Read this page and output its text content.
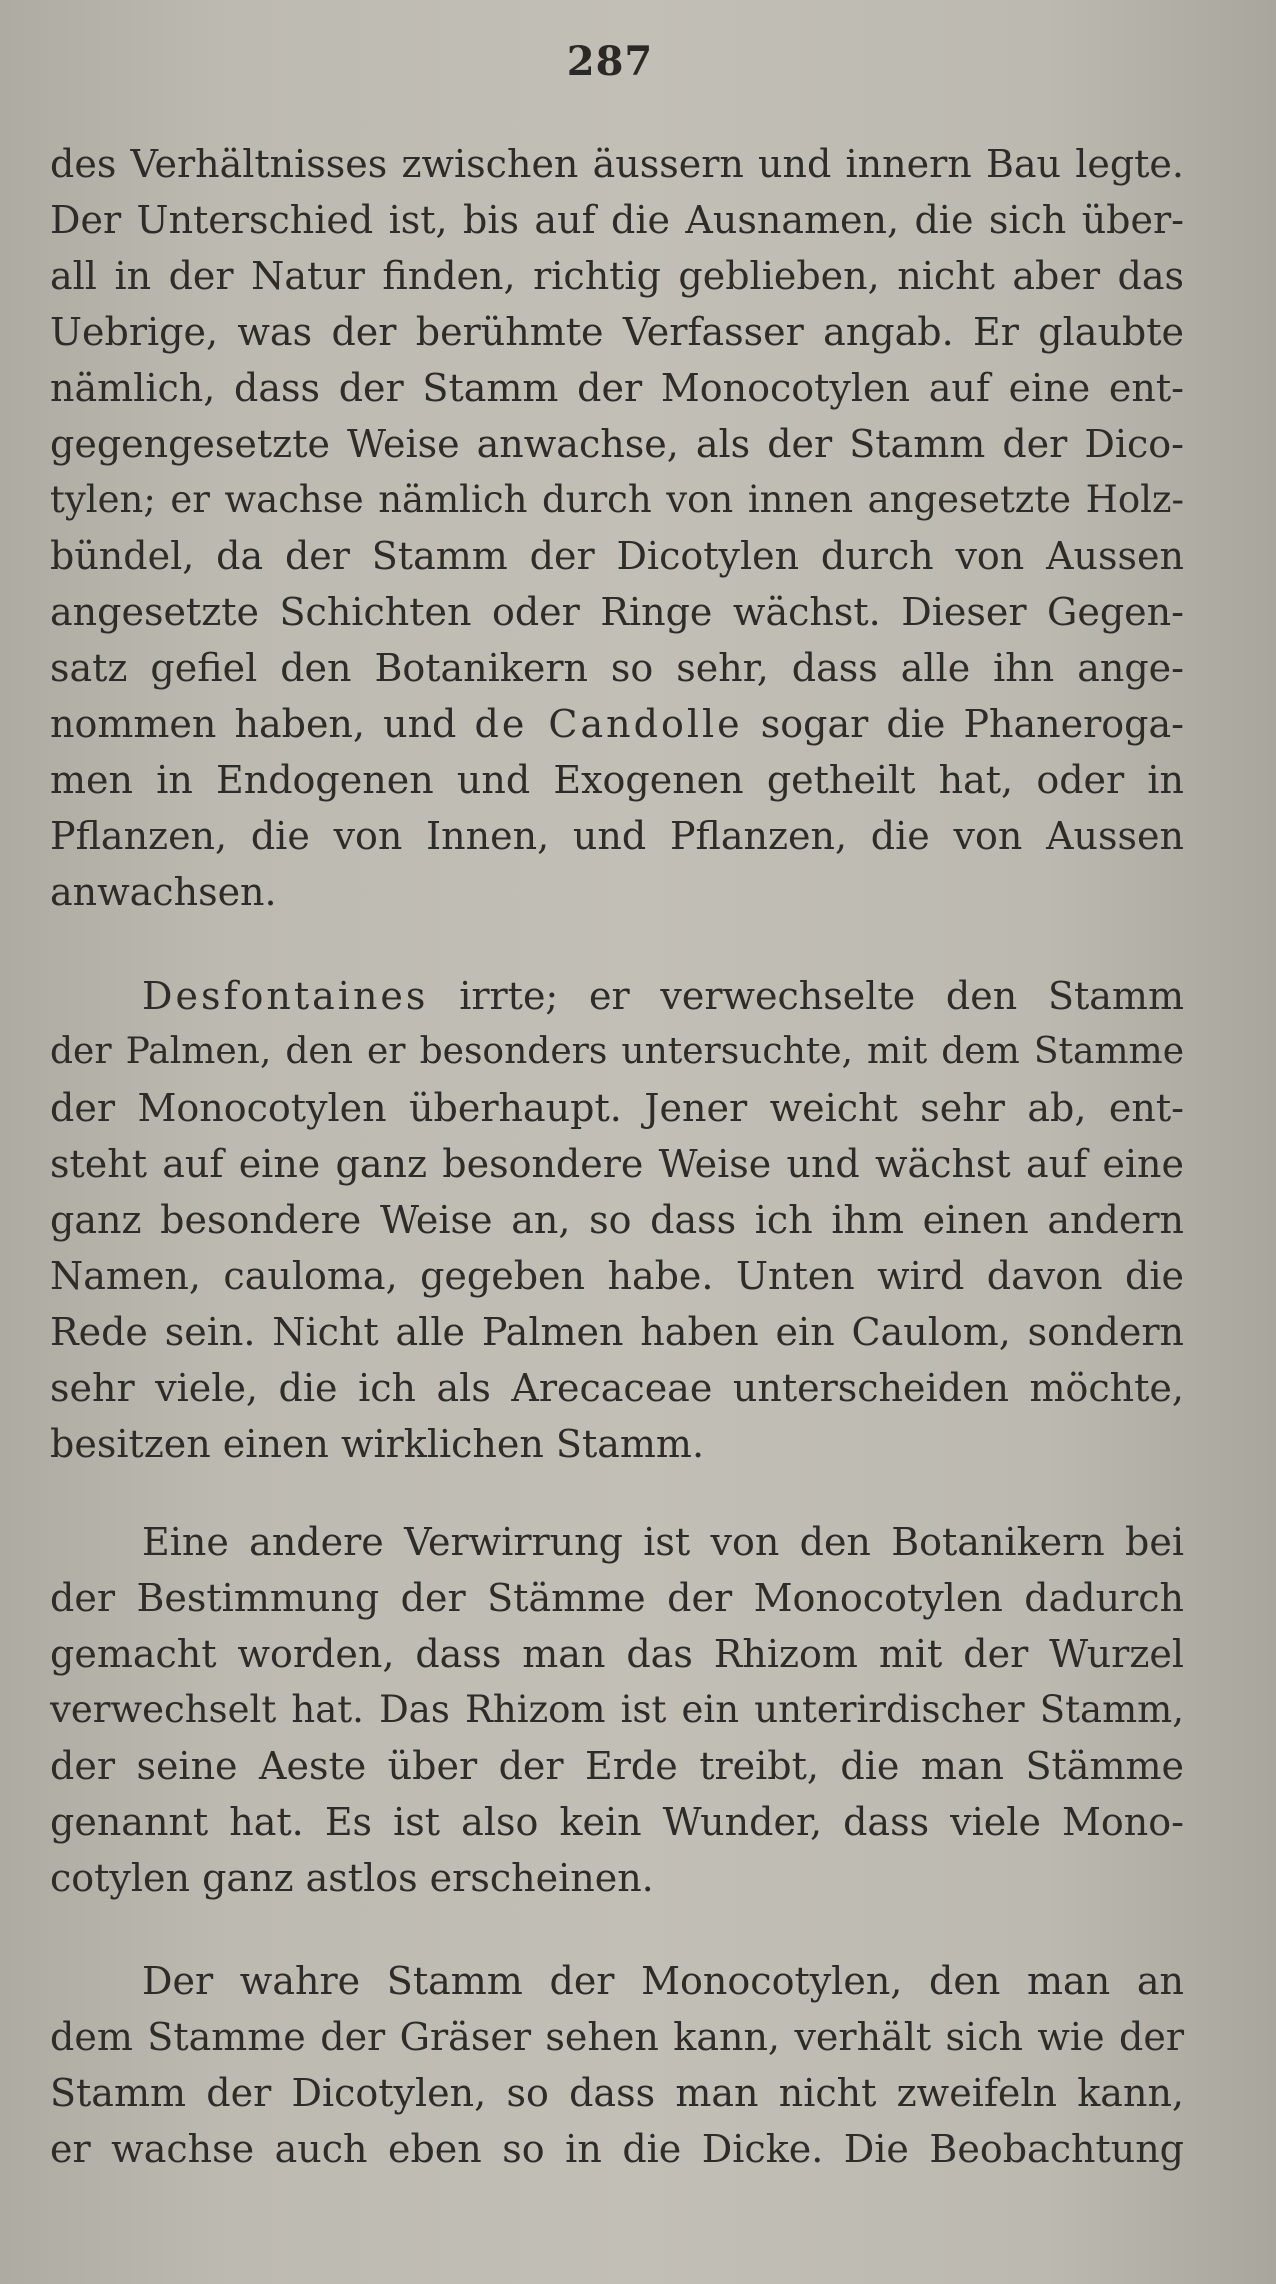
287
des Verhältnisses zwischen äussern und innern Bau legte.
Der Unterschied ist, bis auf die Ausnamen, die sich über-
all in der Natur finden, richtig geblieben, nicht aber das
Uebrige, was der berühmte Verfasser angab. Er glaubte
nämlich, dass der Stamm der Monocotylen auf eine ent-
gegengesetzte Weise anwachse, als der Stamm der Dico-
tylen; er wachse nämlich durch von innen angesetzte Holz-
bündel, da der Stamm der Dicotylen durch von Aussen
angesetzte Schichten oder Ringe wächst. Dieser Gegen-
satz gefiel den Botanikern so sehr, dass alle ihn ange-
nommen haben, und de Candolle sogar die Phanerogа-
men in Endogenen und Exogenen getheilt hat, oder in
Pflanzen, die von Innen, und Pflanzen, die von Aussen
anwachsen.
Desfontaines irrte; er verwechselte den Stamm
der Palmen, den er besonders untersuchte, mit dem Stamme
der Monocotylen überhaupt. Jener weicht sehr ab, ent-
steht auf eine ganz besondere Weise und wächst auf eine
ganz besondere Weise an, so dass ich ihm einen andern
Namen, cauloma, gegeben habe. Unten wird davon die
Rede sein. Nicht alle Palmen haben ein Caulom, sondern
sehr viele, die ich als Arecaceae unterscheiden möchte,
besitzen einen wirklichen Stamm.
Eine andere Verwirrung ist von den Botanikern bei
der Bestimmung der Stämme der Monocotylen dadurch
gemacht worden, dass man das Rhizom mit der Wurzel
verwechselt hat. Das Rhizom ist ein unterirdischer Stamm,
der seine Aeste über der Erde treibt, die man Stämme
genannt hat. Es ist also kein Wunder, dass viele Mono-
cotylen ganz astlos erscheinen.
Der wahre Stamm der Monocotylen, den man an
dem Stamme der Gräser sehen kann, verhält sich wie der
Stamm der Dicotylen, so dass man nicht zweifeln kann,
er wachse auch eben so in die Dicke. Die Beobachtung
